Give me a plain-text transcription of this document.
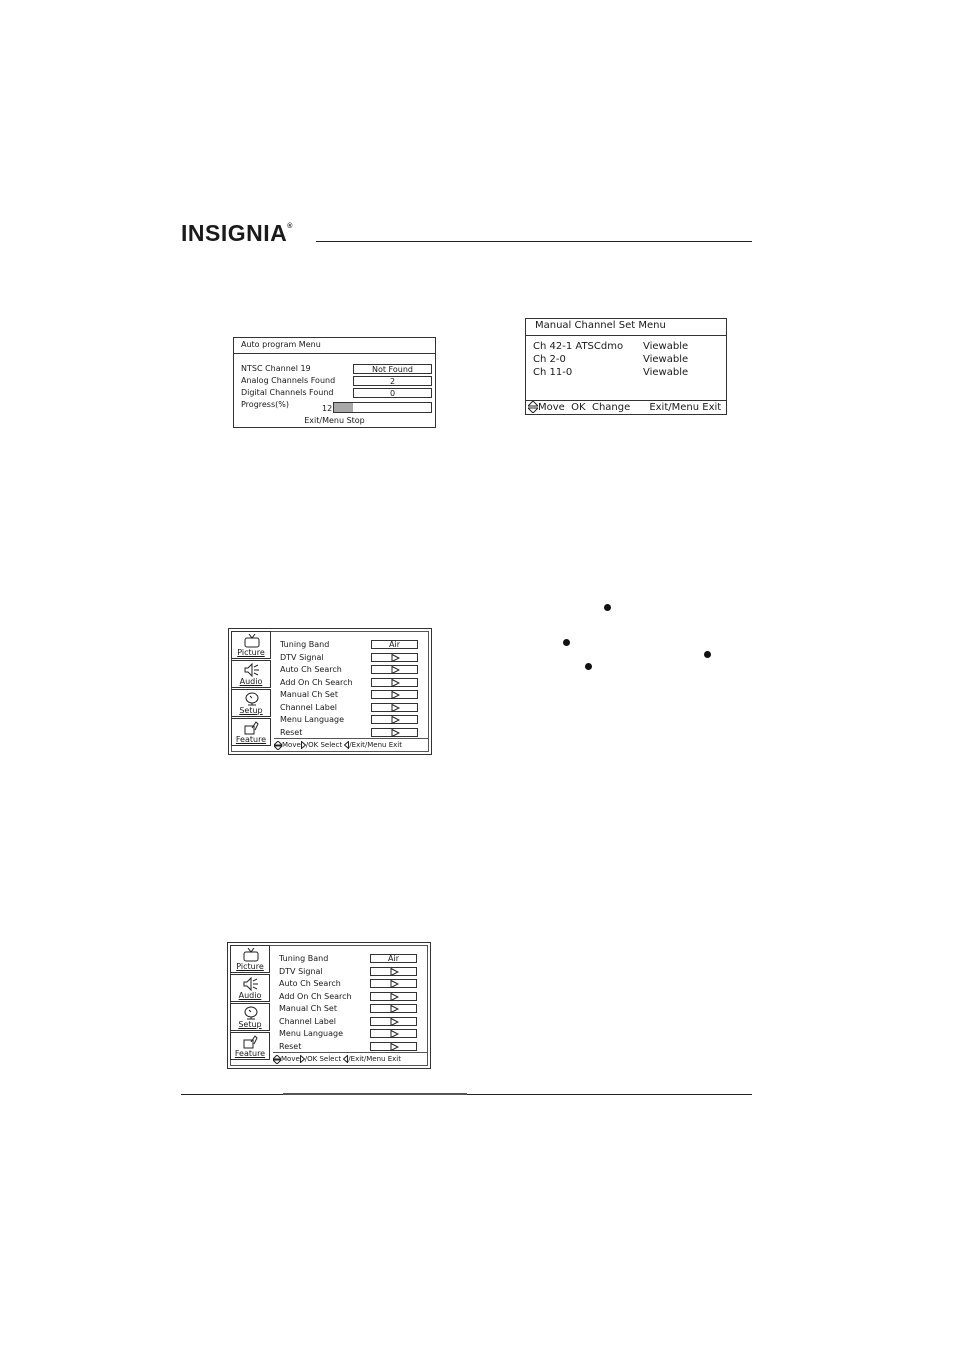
INSIGNIA®
Auto program Menu
NTSC Channel 19	Not Found
Analog Channels Found	2
Digital Channels Found	0
Progress(%)	12
Exit/Menu Stop
Manual Channel Set Menu
Ch 42-1 ATSCdmo Viewable
Ch 2-0	Viewable
Ch 11-0	Viewable
Move  OK  Change      Exit/Menu Exit
Picture
Audio
Setup
Feature
Tuning Band	Air
DTV Signal
Auto Ch Search
Add On Ch Search
Manual Ch Set
Channel Label
Menu Language
Reset
Move /OK Select /Exit/Menu Exit
Picture
Audio
Setup
Feature
Tuning Band	Air
DTV Signal
Auto Ch Search
Add On Ch Search
Manual Ch Set
Channel Label
Menu Language
Reset
Move /OK Select /Exit/Menu Exit
